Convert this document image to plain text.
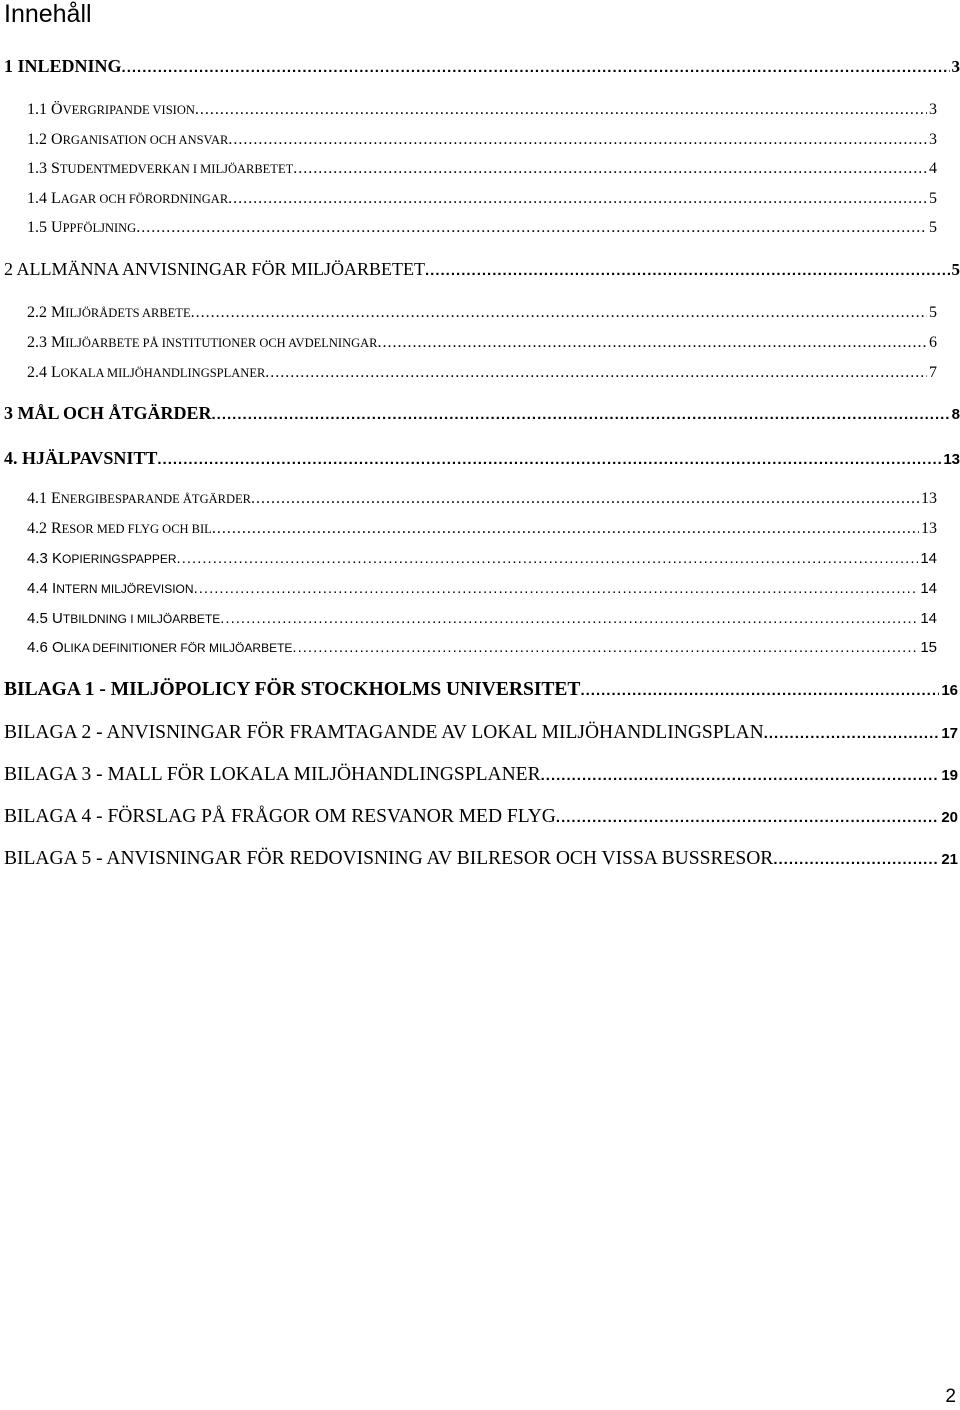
Innehåll
1 INLEDNING .....	3
1.1 ÖVERGRIPANDE VISION .....	3
1.2 ORGANISATION OCH ANSVAR .....	3
1.3 STUDENTMEDVERKAN I MILJÖARBETET .....	4
1.4 LAGAR OCH FÖRORDNINGAR .....	5
1.5 UPPFÖLJNING .....	5
2 ALLMÄNNA ANVISNINGAR FÖR MILJÖARBETET .....	5
2.2 MILJÖRÅDETS ARBETE .....	5
2.3 MILJÖARBETE PÅ INSTITUTIONER OCH AVDELNINGAR .....	6
2.4 LOKALA MILJÖHANDLINGSPLANER .....	7
3 MÅL OCH ÅTGÄRDER .....	8
4. HJÄLPAVSNITT .....	13
4.1 ENERGIBESPARANDE ÅTGÄRDER .....	13
4.2 RESOR MED FLYG OCH BIL .....	13
4.3 KOPIERINGSPAPPER .....	14
4.4 INTERN MILJÖREVISION .....	14
4.5 UTBILDNING I MILJÖARBETE .....	14
4.6 OLIKA DEFINITIONER FÖR MILJÖARBETE .....	15
BILAGA 1 - MILJÖPOLICY FÖR STOCKHOLMS UNIVERSITET .....	16
BILAGA 2 - ANVISNINGAR FÖR FRAMTAGANDE AV LOKAL MILJÖHANDLINGSPLAN .....	17
BILAGA 3 - MALL FÖR LOKALA MILJÖHANDLINGSPLANER .....	19
BILAGA 4 - FÖRSLAG PÅ FRÅGOR OM RESVANOR MED FLYG .....	20
BILAGA 5 - ANVISNINGAR FÖR REDOVISNING AV BILRESOR OCH VISSA BUSSRESOR .....	21
2
